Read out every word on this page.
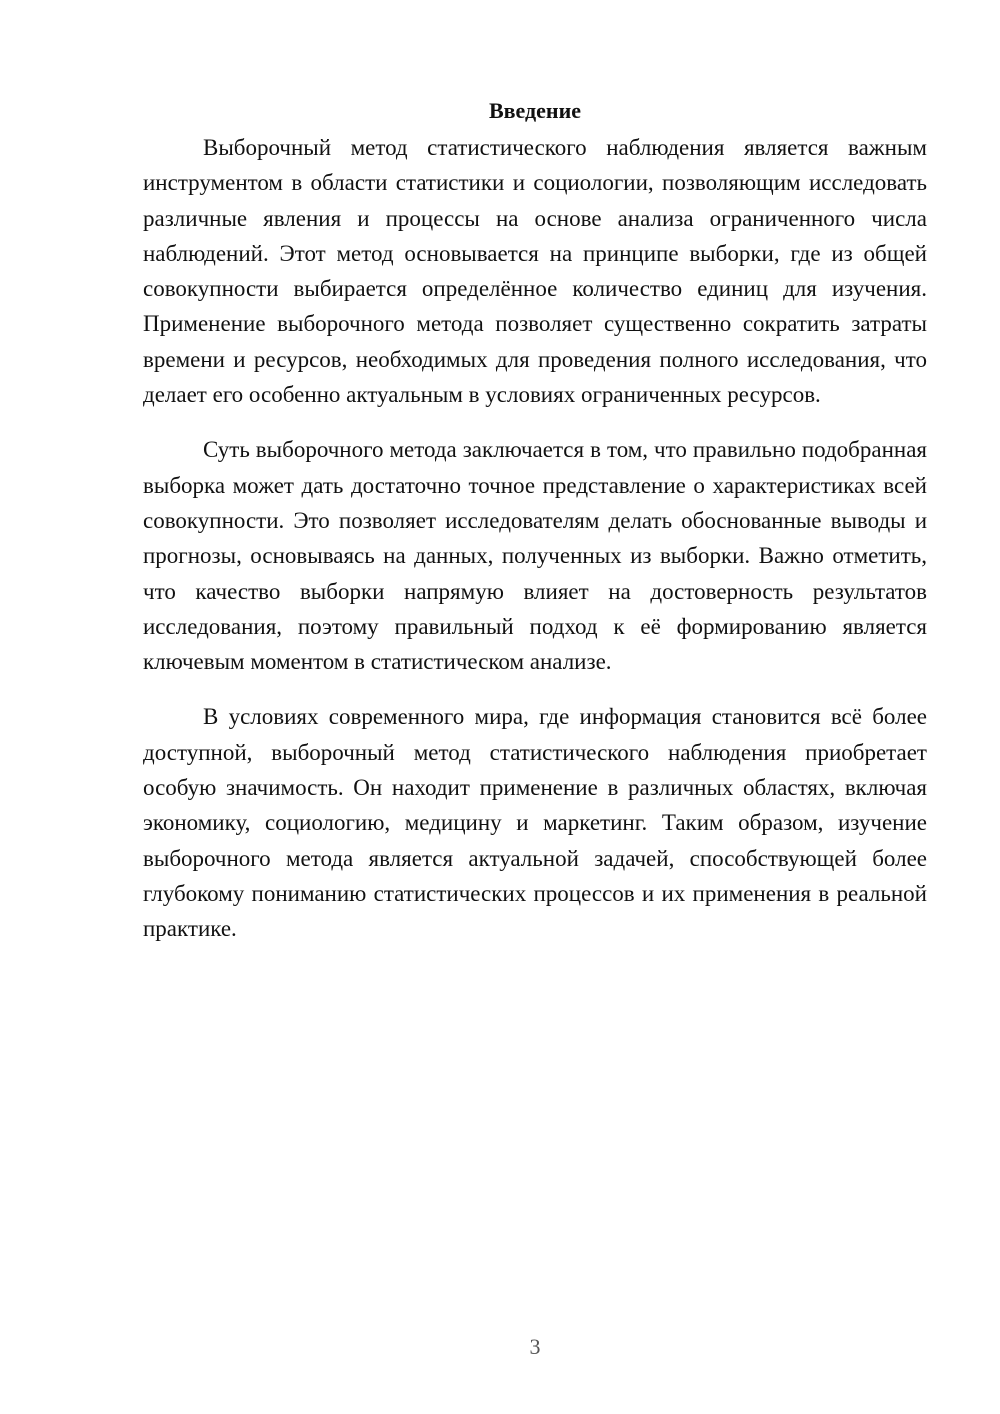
Введение

Выборочный метод статистического наблюдения является важным инструментом в области статистики и социологии, позволяющим исследовать различные явления и процессы на основе анализа ограниченного числа наблюдений. Этот метод основывается на принципе выборки, где из общей совокупности выбирается определённое количество единиц для изучения. Применение выборочного метода позволяет существенно сократить затраты времени и ресурсов, необходимых для проведения полного исследования, что делает его особенно актуальным в условиях ограниченных ресурсов.

Суть выборочного метода заключается в том, что правильно подобранная выборка может дать достаточно точное представление о характеристиках всей совокупности. Это позволяет исследователям делать обоснованные выводы и прогнозы, основываясь на данных, полученных из выборки. Важно отметить, что качество выборки напрямую влияет на достоверность результатов исследования, поэтому правильный подход к её формированию является ключевым моментом в статистическом анализе.

В условиях современного мира, где информация становится всё более доступной, выборочный метод статистического наблюдения приобретает особую значимость. Он находит применение в различных областях, включая экономику, социологию, медицину и маркетинг. Таким образом, изучение выборочного метода является актуальной задачей, способствующей более глубокому пониманию статистических процессов и их применения в реальной практике.

3
